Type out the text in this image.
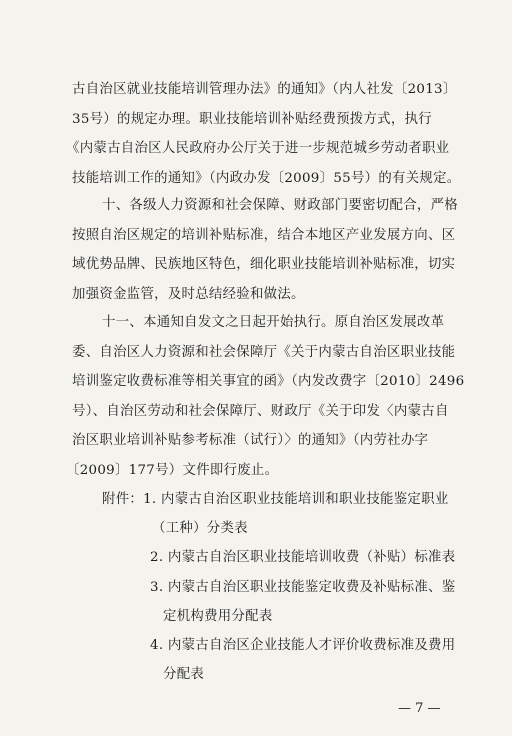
古自治区就业技能培训管理办法》的通知》（内人社发〔2013〕
35号）的规定办理。职业技能培训补贴经费预拨方式，执行
《内蒙古自治区人民政府办公厅关于进一步规范城乡劳动者职业
技能培训工作的通知》（内政办发〔2009〕55号）的有关规定。
十、各级人力资源和社会保障、财政部门要密切配合，严格
按照自治区规定的培训补贴标准，结合本地区产业发展方向、区
域优势品牌、民族地区特色，细化职业技能培训补贴标准，切实
加强资金监管，及时总结经验和做法。
十一、本通知自发文之日起开始执行。原自治区发展改革
委、自治区人力资源和社会保障厅《关于内蒙古自治区职业技能
培训鉴定收费标准等相关事宜的函》（内发改费字〔2010〕2496
号）、自治区劳动和社会保障厅、财政厅《关于印发〈内蒙古自
治区职业培训补贴参考标准（试行）〉的通知》（内劳社办字
〔2009〕177号）文件即行废止。
附件：1. 内蒙古自治区职业技能培训和职业技能鉴定职业
（工种）分类表
2. 内蒙古自治区职业技能培训收费（补贴）标准表
3. 内蒙古自治区职业技能鉴定收费及补贴标准、鉴
定机构费用分配表
4. 内蒙古自治区企业技能人才评价收费标准及费用
分配表
— 7 —
